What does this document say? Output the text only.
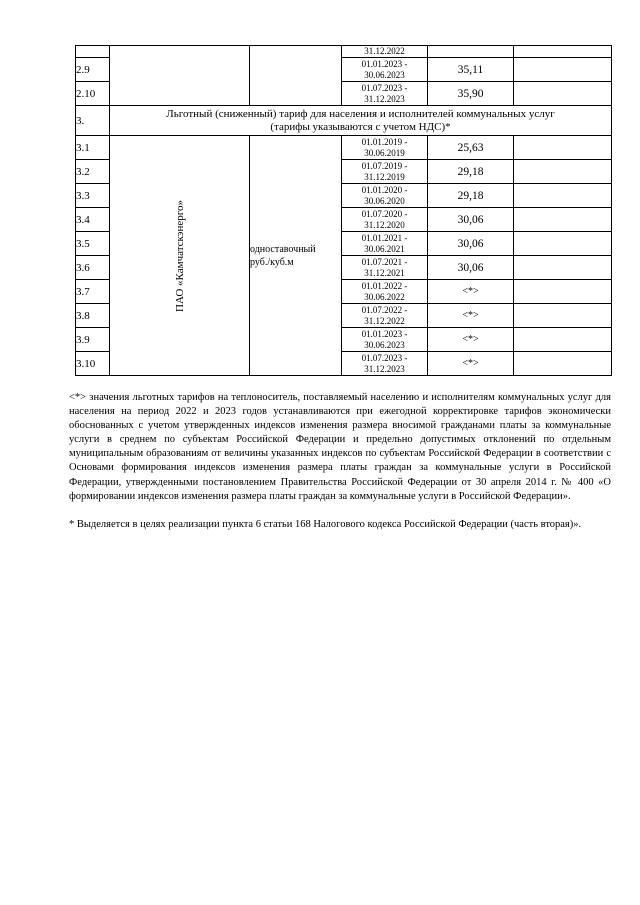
			31.12.2022		

2.9			01.01.2023 -
30.06.2023	35,11	
2.10			01.07.2023 -
31.12.2023	35,90	
3.	Льготный (сниженный) тариф для населения и исполнителей коммунальных услуг
(тарифы указываются с учетом НДС)*				

3.1	ПАО «Камчатскэнерго»	одноставочный
руб./куб.м	01.01.2019 -
30.06.2019	25,63	
3.2			01.07.2019 -
31.12.2019	29,18	
3.3			01.01.2020 -
30.06.2020	29,18	
3.4			01.07.2020 -
31.12.2020	30,06	
3.5			01.01.2021 -
30.06.2021	30,06	
3.6			01.07.2021 -
31.12.2021	30,06	
3.7			01.01.2022 -
30.06.2022	<*>	
3.8			01.07.2022 -
31.12.2022	<*>	
3.9			01.01.2023 -
30.06.2023	<*>	
3.10			01.07.2023 -
31.12.2023	<*>	

<*> значения льготных тарифов на теплоноситель, поставляемый населению и исполнителям коммунальных услуг для населения на период 2022 и 2023 годов устанавливаются при ежегодной корректировке тарифов экономически обоснованных с учетом утвержденных индексов изменения размера вносимой гражданами платы за коммунальные услуги в среднем по субъектам Российской Федерации и предельно допустимых отклонений по отдельным муниципальным образованиям от величины указанных индексов по субъектам Российской Федерации в соответствии с Основами формирования индексов изменения размера платы граждан за коммунальные услуги в Российской Федерации, утвержденными постановлением Правительства Российской Федерации от 30 апреля 2014 г. № 400 «О формировании индексов изменения размера платы граждан за коммунальные услуги в Российской Федерации».

* Выделяется в целях реализации пункта 6 статьи 168 Налогового кодекса Российской Федерации (часть вторая)».
